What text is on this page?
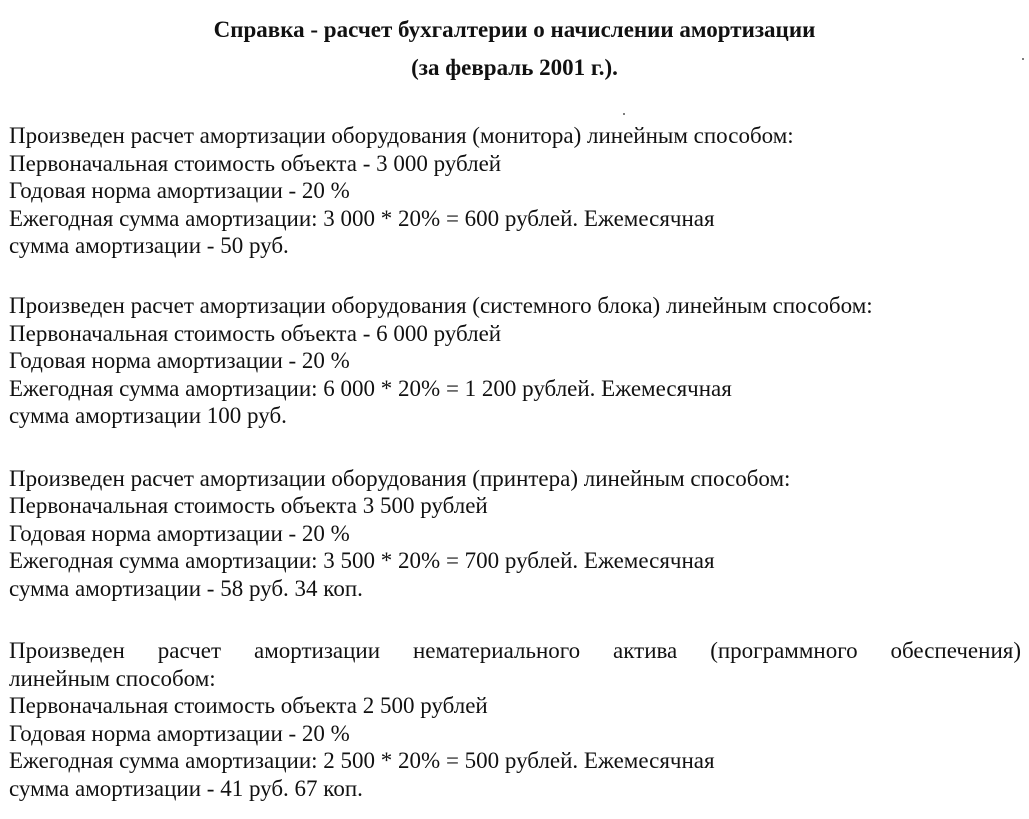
Справка - расчет бухгалтерии о начислении амортизации
(за февраль 2001 г.).
Произведен расчет амортизации оборудования (монитора) линейным способом:
Первоначальная стоимость объекта - 3 000 рублей
Годовая норма амортизации - 20 %
Ежегодная сумма амортизации: 3 000 * 20% = 600 рублей. Ежемесячная
сумма амортизации - 50 руб.
Произведен расчет амортизации оборудования (системного блока) линейным способом:
Первоначальная стоимость объекта - 6 000 рублей
Годовая норма амортизации - 20 %
Ежегодная сумма амортизации: 6 000 * 20% = 1 200 рублей. Ежемесячная
сумма амортизации 100 руб.
Произведен расчет амортизации оборудования (принтера) линейным способом:
Первоначальная стоимость объекта 3 500 рублей
Годовая норма амортизации - 20 %
Ежегодная сумма амортизации: 3 500 * 20% = 700 рублей. Ежемесячная
сумма амортизации - 58 руб. 34 коп.
Произведен расчет амортизации нематериального актива (программного обеспечения)
линейным способом:
Первоначальная стоимость объекта 2 500 рублей
Годовая норма амортизации - 20 %
Ежегодная сумма амортизации: 2 500 * 20% = 500 рублей. Ежемесячная
сумма амортизации - 41 руб. 67 коп.
